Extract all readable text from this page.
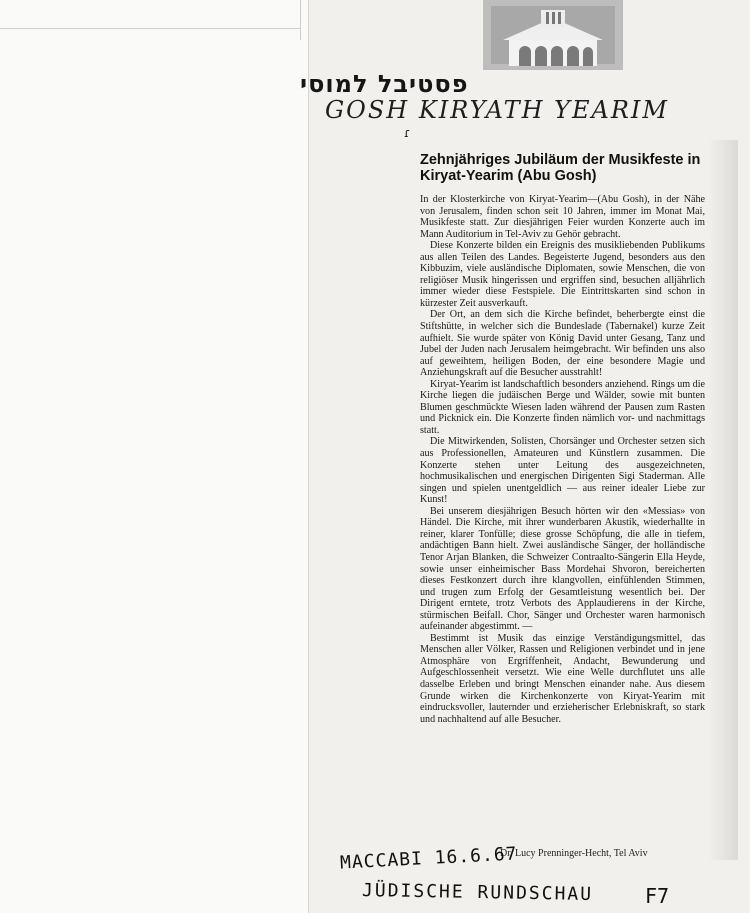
פסטיבל למוסי
GOSH KIRYATH YEARIM
ɾ
Zehnjähriges Jubiläum der Musikfeste in Kiryat-Yearim (Abu Gosh)

In der Klosterkirche von Kiryat-Yearim—(Abu Gosh), in der Nähe von Jerusalem, finden schon seit 10 Jahren, immer im Monat Mai, Musikfeste statt. Zur diesjährigen Feier wurden Konzerte auch im Mann Auditorium in Tel-Aviv zu Gehör gebracht.

Diese Konzerte bilden ein Ereignis des musikliebenden Publikums aus allen Teilen des Landes. Begeisterte Jugend, besonders aus den Kibbuzim, viele ausländische Diplomaten, sowie Menschen, die von religiöser Musik hingerissen und ergriffen sind, besuchen alljährlich immer wieder diese Festspiele. Die Eintrittskarten sind schon in kürzester Zeit ausverkauft.

Der Ort, an dem sich die Kirche befindet, beherbergte einst die Stiftshütte, in welcher sich die Bundeslade (Tabernakel) kurze Zeit aufhielt. Sie wurde später von König David unter Gesang, Tanz und Jubel der Juden nach Jerusalem heimgebracht. Wir befinden uns also auf geweihtem, heiligen Boden, der eine besondere Magie und Anziehungskraft auf die Besucher ausstrahlt!

Kiryat-Yearim ist landschaftlich besonders anziehend. Rings um die Kirche liegen die judäischen Berge und Wälder, sowie mit bunten Blumen geschmückte Wiesen laden während der Pausen zum Rasten und Picknick ein. Die Konzerte finden nämlich vor- und nachmittags statt.

Die Mitwirkenden, Solisten, Chorsänger und Orchester setzen sich aus Professionellen, Amateuren und Künstlern zusammen. Die Konzerte stehen unter Leitung des ausgezeichneten, hochmusikalischen und energischen Dirigenten Sigi Staderman. Alle singen und spielen unentgeldlich — aus reiner idealer Liebe zur Kunst!

Bei unserem diesjährigen Besuch hörten wir den «Messias» von Händel. Die Kirche, mit ihrer wunderbaren Akustik, wiederhallte in reiner, klarer Tonfülle; diese grosse Schöpfung, die alle in tiefem, andächtigen Bann hielt. Zwei ausländische Sänger, der holländische Tenor Arjan Blanken, die Schweizer Contraalto-Sängerin Ella Heyde, sowie unser einheimischer Bass Mordehai Shvoron, bereicherten dieses Festkonzert durch ihre klangvollen, einfühlenden Stimmen, und trugen zum Erfolg der Gesamtleistung wesentlich bei. Der Dirigent erntete, trotz Verbots des Applaudierens in der Kirche, stürmischen Beifall. Chor, Sänger und Orchester waren harmonisch aufeinander abgestimmt. —

Bestimmt ist Musik das einzige Verständigungsmittel, das Menschen aller Völker, Rassen und Religionen verbindet und in jene Atmosphäre von Ergriffenheit, Andacht, Bewunderung und Aufgeschlossenheit versetzt. Wie eine Welle durchflutet uns alle dasselbe Erleben und bringt Menschen einander nahe. Aus diesem Grunde wirken die Kirchenkonzerte von Kiryat-Yearim mit eindrucksvoller, lauternder und erzieherischer Erlebniskraft, so stark und nachhaltend auf alle Besucher.

Dr. Lucy Prenninger-Hecht, Tel Aviv
MACCABI 16.6.67
JÜDISCHE RUNDSCHAU	F7
